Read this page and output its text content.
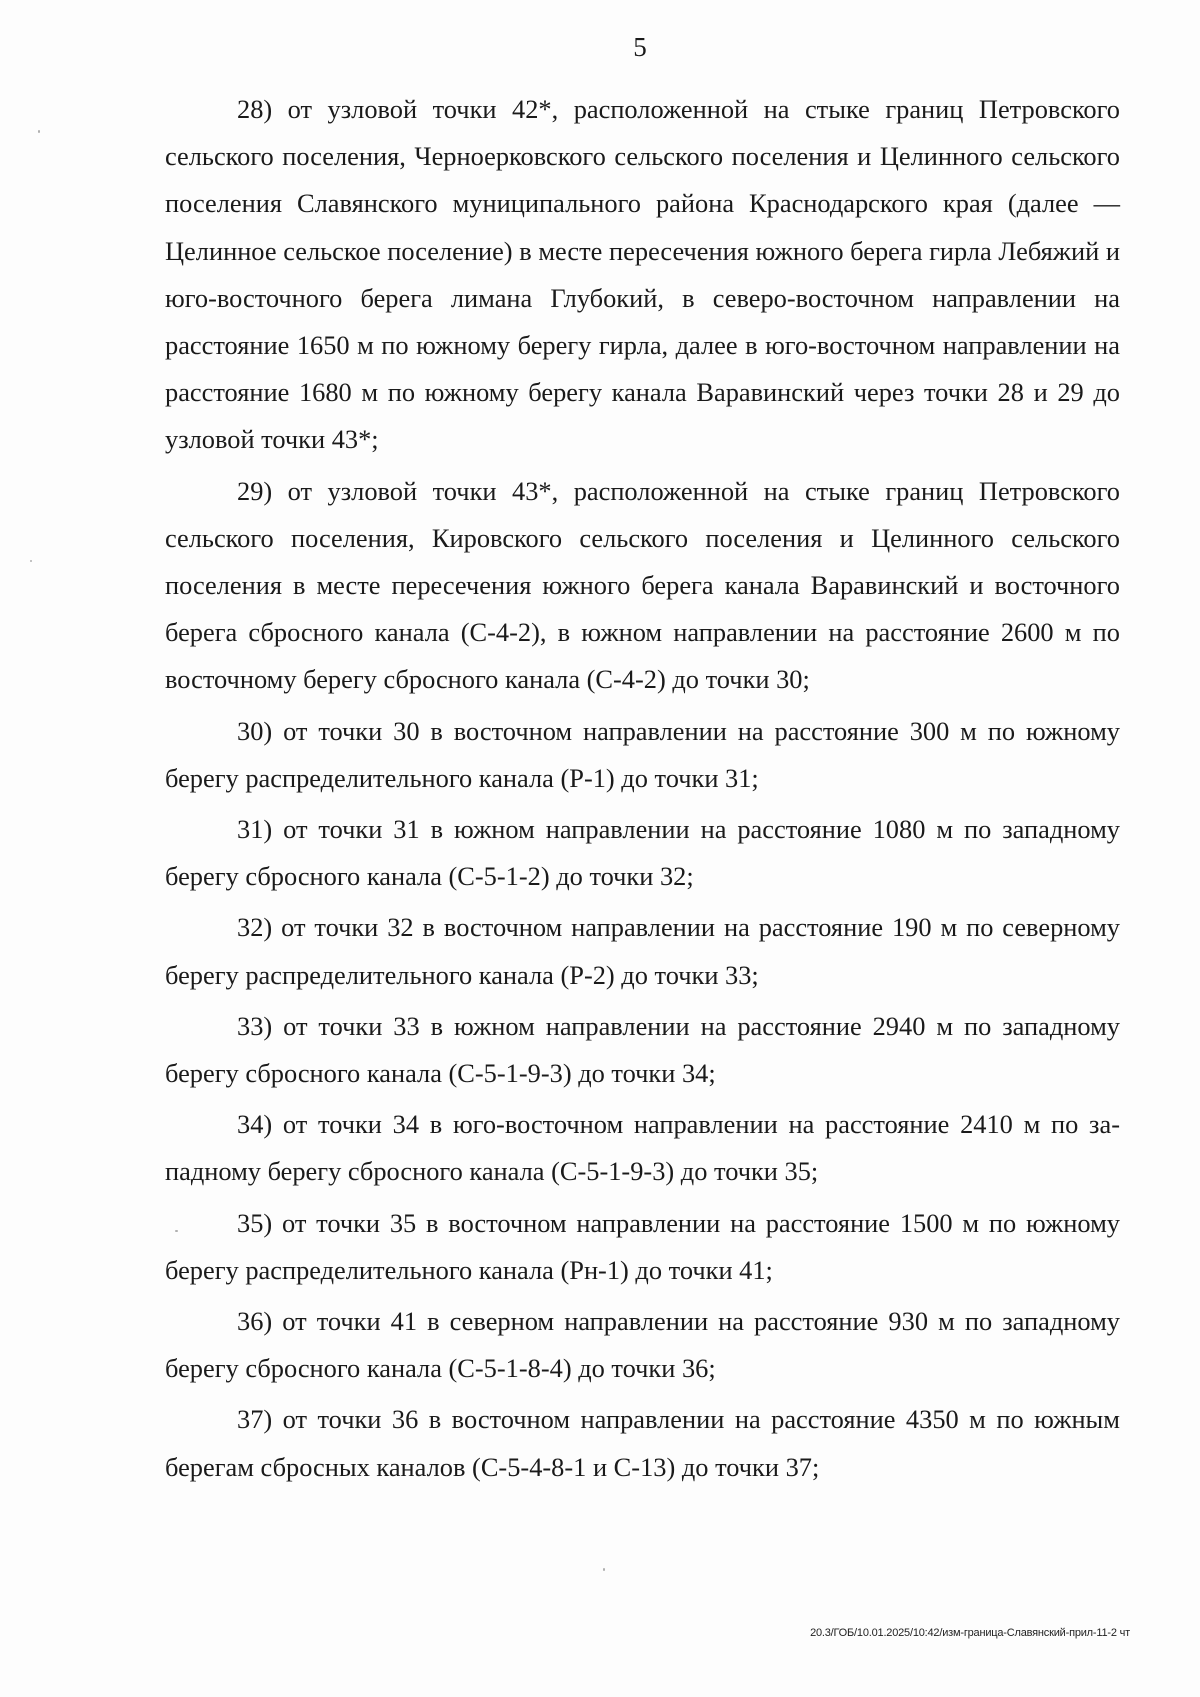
5

28) от узловой точки 42*, расположенной на стыке границ Петровского сельского поселения, Черноерковского сельского поселения и Целинного сельского поселения Славянского муниципального района Краснодарского края (далее — Целинное сельское поселение) в месте пересечения южного берега гирла Лебяжий и юго-восточного берега лимана Глубокий, в северо-восточном направлении на расстояние 1650 м по южному берегу гирла, далее в юго-восточном направлении на расстояние 1680 м по южному берегу канала Варавинский через точки 28 и 29 до узловой точки 43*;

29) от узловой точки 43*, расположенной на стыке границ Петровского сельского поселения, Кировского сельского поселения и Целинного сельского поселения в месте пересечения южного берега канала Варавинский и восточного берега сбросного канала (С-4-2), в южном направлении на расстояние 2600 м по восточному берегу сбросного канала (С-4-2) до точки 30;

30) от точки 30 в восточном направлении на расстояние 300 м по южному берегу распределительного канала (Р-1) до точки 31;

31) от точки 31 в южном направлении на расстояние 1080 м по западному берегу сбросного канала (С-5-1-2) до точки 32;

32) от точки 32 в восточном направлении на расстояние 190 м по северному берегу распределительного канала (Р-2) до точки 33;

33) от точки 33 в южном направлении на расстояние 2940 м по западному берегу сбросного канала (С-5-1-9-3) до точки 34;

34) от точки 34 в юго-восточном направлении на расстояние 2410 м по западному берегу сбросного канала (С-5-1-9-3) до точки 35;

35) от точки 35 в восточном направлении на расстояние 1500 м по южному берегу распределительного канала (Рн-1) до точки 41;

36) от точки 41 в северном направлении на расстояние 930 м по западному берегу сбросного канала (С-5-1-8-4) до точки 36;

37) от точки 36 в восточном направлении на расстояние 4350 м по южным берегам сбросных каналов (С-5-4-8-1 и С-13) до точки 37;

20.3/ГОБ/10.01.2025/10:42/изм-граница-Славянский-прил-11-2 чт
